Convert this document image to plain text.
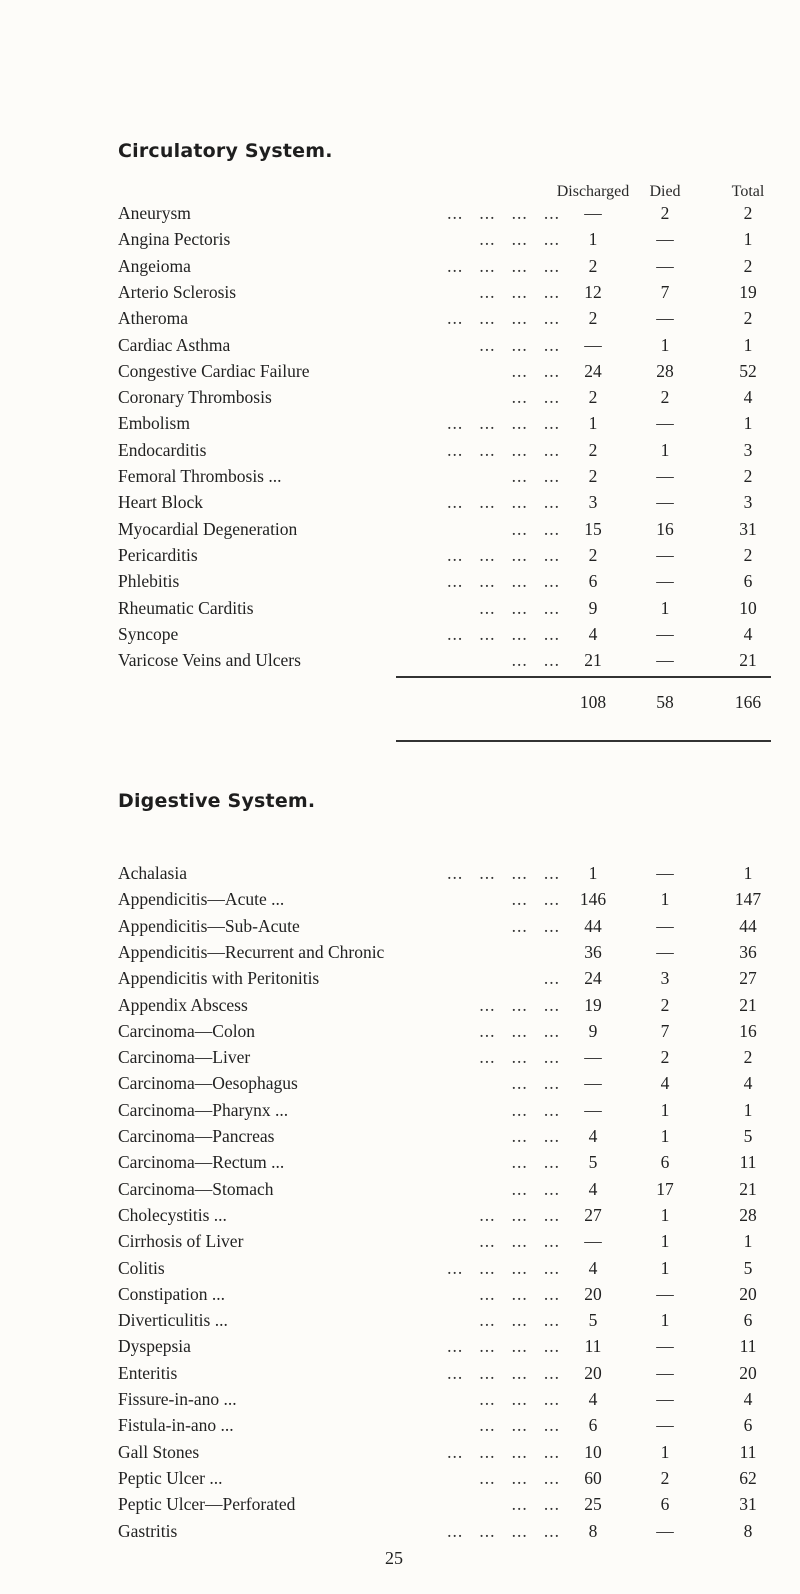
Circulatory System.
Discharged Died	Total
Aneurysm	...   ...   ...   ...	—	2	2
Angina Pectoris	...   ...   ...	1	—	1
Angeioma	...   ...   ...   ...	2	—	2
Arterio Sclerosis	...   ...   ...	12	7	19
Atheroma	...   ...   ...   ...	2	—	2
Cardiac Asthma	...   ...   ...	—	1	1
Congestive Cardiac Failure	...   ...	24	28	52
Coronary Thrombosis	...   ...	2	2	4
Embolism	...   ...   ...   ...	1	—	1
Endocarditis	...   ...   ...   ...	2	1	3
Femoral Thrombosis ...	...   ...	2	—	2
Heart Block	...   ...   ...   ...	3	—	3
Myocardial Degeneration	...   ...	15	16	31
Pericarditis	...   ...   ...   ...	2	—	2
Phlebitis	...   ...   ...   ...	6	—	6
Rheumatic Carditis	...   ...   ...	9	1	10
Syncope	...   ...   ...   ...	4	—	4
Varicose Veins and Ulcers	...   ...	21	—	21
108	58	166
Digestive System.
Achalasia	...   ...   ...   ...	1	—	1
Appendicitis—Acute ...	...   ...	146	1	147
Appendicitis—Sub-Acute	...   ...	44	—	44
Appendicitis—Recurrent and Chronic	36	—	36
Appendicitis with Peritonitis	...	24	3	27
Appendix Abscess	...   ...   ...	19	2	21
Carcinoma—Colon	...   ...   ...	9	7	16
Carcinoma—Liver	...   ...   ...	—	2	2
Carcinoma—Oesophagus	...   ...	—	4	4
Carcinoma—Pharynx ...	...   ...	—	1	1
Carcinoma—Pancreas	...   ...	4	1	5
Carcinoma—Rectum ...	...   ...	5	6	11
Carcinoma—Stomach	...   ...	4	17	21
Cholecystitis ...	...   ...   ...	27	1	28
Cirrhosis of Liver	...   ...   ...	—	1	1
Colitis	...   ...   ...   ...	4	1	5
Constipation ...	...   ...   ...	20	—	20
Diverticulitis ...	...   ...   ...	5	1	6
Dyspepsia	...   ...   ...   ...	11	—	11
Enteritis	...   ...   ...   ...	20	—	20
Fissure-in-ano ...	...   ...   ...	4	—	4
Fistula-in-ano ...	...   ...   ...	6	—	6
Gall Stones	...   ...   ...   ...	10	1	11
Peptic Ulcer ...	...   ...   ...	60	2	62
Peptic Ulcer—Perforated	...   ...	25	6	31
Gastritis	...   ...   ...   ...	8	—	8
25
